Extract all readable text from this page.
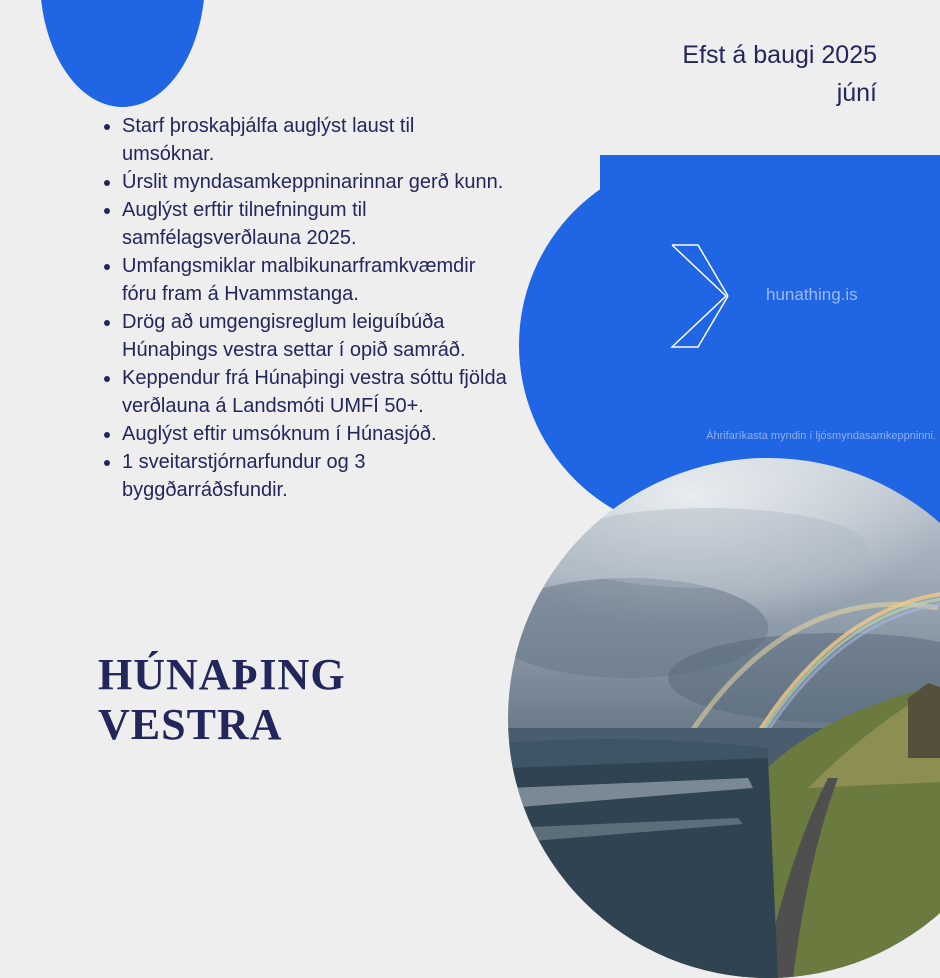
Efst á baugi 2025
júní
• Starf þroskaþjálfa auglýst laust til umsóknar.
• Úrslit myndasamkeppninarinnar gerð kunn.
• Auglýst erftir tilnefningum til samfélagsverðlauna 2025.
• Umfangsmiklar malbikunarframkvæmdir fóru fram á Hvammstanga.
• Drög að umgengisreglum leiguíbúða Húnaþings vestra settar í opið samráð.
• Keppendur frá Húnaþingi vestra sóttu fjölda verðlauna á Landsmóti UMFÍ 50+.
• Auglýst eftir umsóknum í Húnasjóð.
• 1 sveitarstjórnarfundur og 3 byggðarráðsfundir.
HÚNAÞING
VESTRA
hunathing.is
Áhrifaríkasta myndin í ljósmyndasamkeppninni.
